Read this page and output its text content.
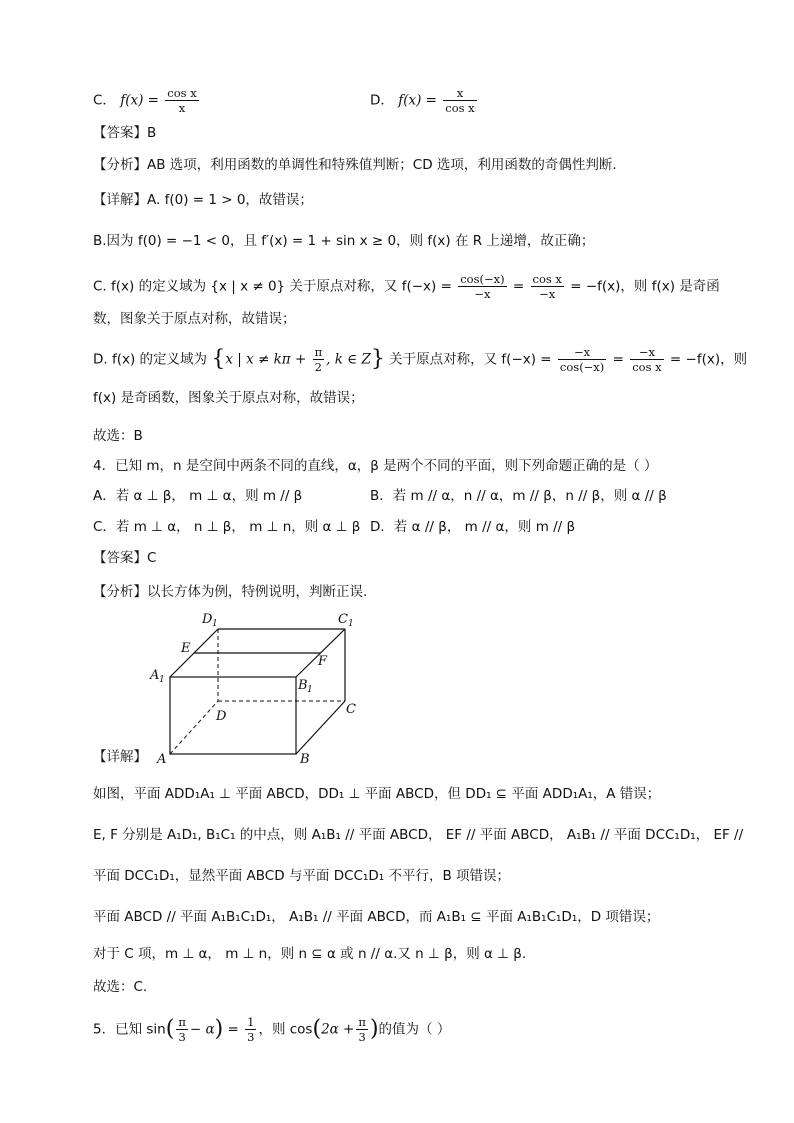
C． $f(x) = \frac{\text{cos x}}{x}$	D． $f(x) = \frac{x}{\text{cos x}}$
【答案】B
【分析】AB 选项，利用函数的单调性和特殊值判断；CD 选项，利用函数的奇偶性判断.
【详解】A. f(0) = 1 > 0，故错误；
B.因为 f(0) = −1 < 0，且 f′(x) = 1 + sin x ≥ 0，则 f(x) 在 R 上递增，故正确；
C. f(x) 的定义域为 {x | x ≠ 0} 关于原点对称，又 $f(-x) = \frac{\cos(-x)}{-x} = \frac{\text{cos x}}{-x} = -f(x)$，则 f(x) 是奇函
数，图象关于原点对称，故错误；
D. f(x) 的定义域为 {x | $x \ne k\pi + \frac{\pi}{2}$ , k ∈ Z} 关于原点对称，又 $f(-x) = \frac{-x}{\cos(-x)} = \frac{-x}{\text{cos x}} = -f(x)$，则
f(x) 是奇函数，图象关于原点对称，故错误；
故选：B
4．已知 m，n 是空间中两条不同的直线，α，β 是两个不同的平面，则下列命题正确的是（ ）
A．若 α ⊥ β， m ⊥ α，则 m // β	B．若 m // α，n // α，m // β，n // β，则 α // β
C．若 m ⊥ α， n ⊥ β， m ⊥ n，则 α ⊥ β D．若 α // β， m // α，则 m // β
【答案】C
【分析】以长方体为例，特例说明，判断正误.
D 1	C 1
E
F
A 1	B 1
D	C
A	B
【详解】
如图，平面 ADD₁A₁ ⊥ 平面 ABCD，DD₁ ⊥ 平面 ABCD，但 DD₁ ⊆ 平面 ADD₁A₁，A 错误；
E, F 分别是 A₁D₁, B₁C₁ 的中点，则 A₁B₁ // 平面 ABCD， EF // 平面 ABCD， A₁B₁ // 平面 DCC₁D₁， EF //
平面 DCC₁D₁，显然平面 ABCD 与平面 DCC₁D₁ 不平行，B 项错误；
平面 ABCD // 平面 A₁B₁C₁D₁， A₁B₁ // 平面 ABCD，而 A₁B₁ ⊆ 平面 A₁B₁C₁D₁，D 项错误；
对于 C 项，m ⊥ α， m ⊥ n，则 n ⊆ α 或 n // α.又 n ⊥ β，则 α ⊥ β.
故选：C.
5．已知 $\sin( \frac{\pi}{3} - \alpha) = \frac{1}{3}$ ，则 $\cos(2\alpha + \frac{\pi}{3}$ )的值为（ ）
